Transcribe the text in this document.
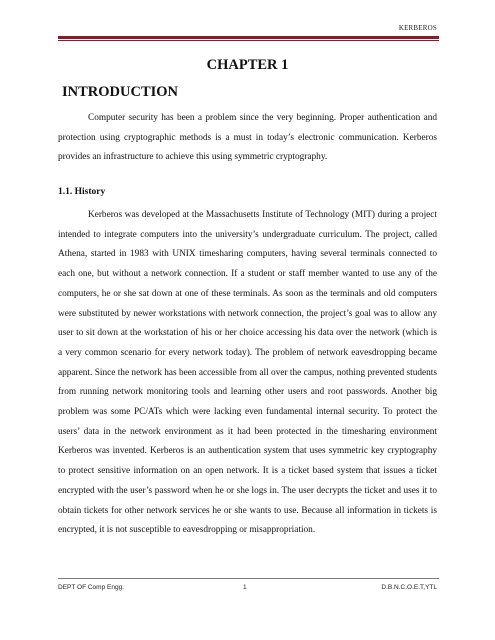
KERBEROS
CHAPTER 1
INTRODUCTION

Computer security has been a problem since the very beginning. Proper authentication and protection using cryptographic methods is a must in today’s electronic communication. Kerberos provides an infrastructure to achieve this using symmetric cryptography.

1.1. History

Kerberos was developed at the Massachusetts Institute of Technology (MIT) during a project intended to integrate computers into the university’s undergraduate curriculum. The project, called Athena, started in 1983 with UNIX timesharing computers, having several terminals connected to each one, but without a network connection. If a student or staff member wanted to use any of the computers, he or she sat down at one of these terminals. As soon as the terminals and old computers were substituted by newer workstations with network connection, the project’s goal was to allow any user to sit down at the workstation of his or her choice accessing his data over the network (which is a very common scenario for every network today). The problem of network eavesdropping became apparent. Since the network has been accessible from all over the campus, nothing prevented students from running network monitoring tools and learning other users and root passwords. Another big problem was some PC/ATs which were lacking even fundamental internal security. To protect the users’ data in the network environment as it had been protected in the timesharing environment Kerberos was invented. Kerberos is an authentication system that uses symmetric key cryptography to protect sensitive information on an open network. It is a ticket based system that issues a ticket encrypted with the user’s password when he or she logs in. The user decrypts the ticket and uses it to obtain tickets for other network services he or she wants to use. Because all information in tickets is encrypted, it is not susceptible to eavesdropping or misappropriation.

DEPT OF Comp Engg.	1	D.B.N.C.O.E.T,YTL
